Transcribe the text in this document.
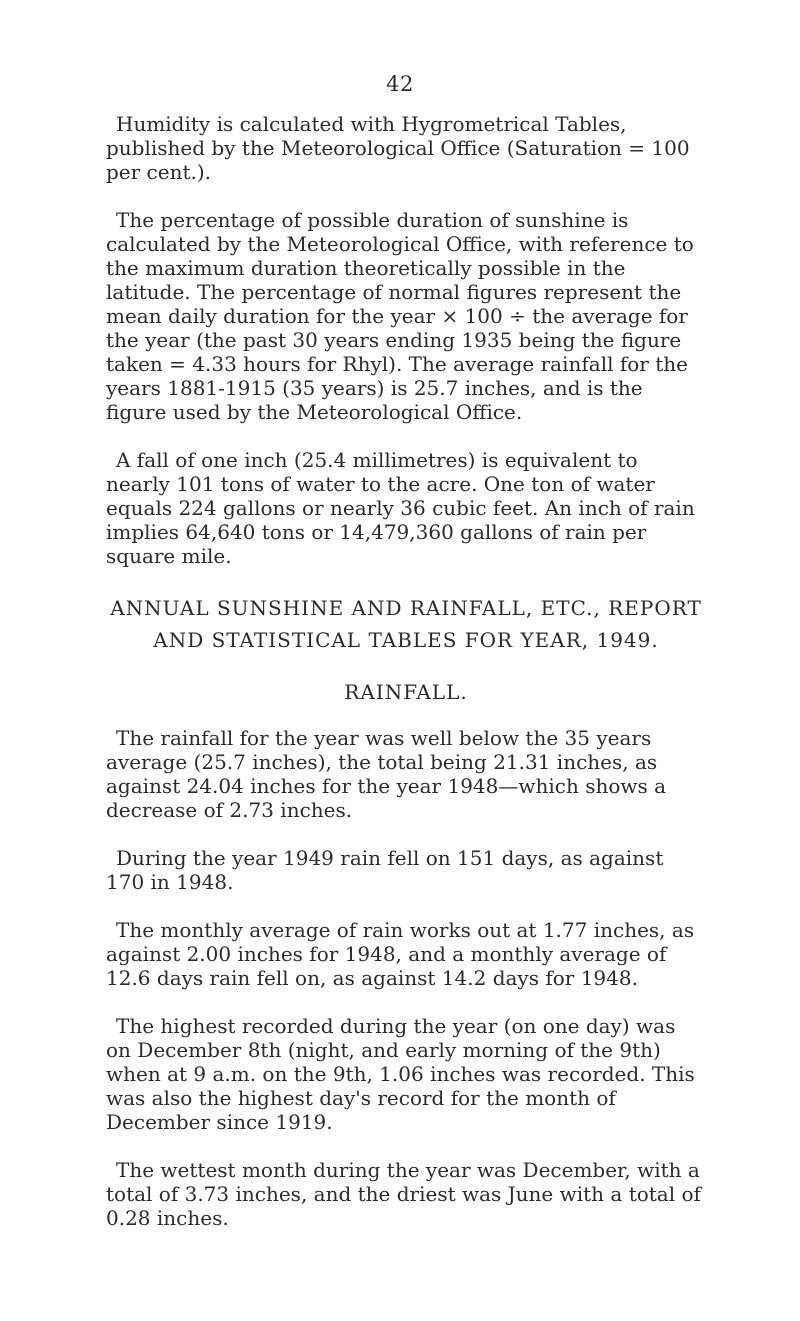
42

Humidity is calculated with Hygrometrical Tables, published by the Meteorological Office (Saturation = 100 per cent.).

The percentage of possible duration of sunshine is calculated by the Meteorological Office, with reference to the maximum duration theoretically possible in the latitude. The percentage of normal figures represent the mean daily duration for the year × 100 ÷ the average for the year (the past 30 years ending 1935 being the figure taken = 4.33 hours for Rhyl). The average rainfall for the years 1881-1915 (35 years) is 25.7 inches, and is the figure used by the Meteorological Office.

A fall of one inch (25.4 millimetres) is equivalent to nearly 101 tons of water to the acre. One ton of water equals 224 gallons or nearly 36 cubic feet. An inch of rain implies 64,640 tons or 14,479,360 gallons of rain per square mile.

ANNUAL SUNSHINE AND RAINFALL, ETC., REPORT
AND STATISTICAL TABLES FOR YEAR, 1949.
RAINFALL.

The rainfall for the year was well below the 35 years average (25.7 inches), the total being 21.31 inches, as against 24.04 inches for the year 1948—which shows a decrease of 2.73 inches.

During the year 1949 rain fell on 151 days, as against 170 in 1948.

The monthly average of rain works out at 1.77 inches, as against 2.00 inches for 1948, and a monthly average of 12.6 days rain fell on, as against 14.2 days for 1948.

The highest recorded during the year (on one day) was on December 8th (night, and early morning of the 9th) when at 9 a.m. on the 9th, 1.06 inches was recorded. This was also the highest day's record for the month of December since 1919.

The wettest month during the year was December, with a total of 3.73 inches, and the driest was June with a total of 0.28 inches.
